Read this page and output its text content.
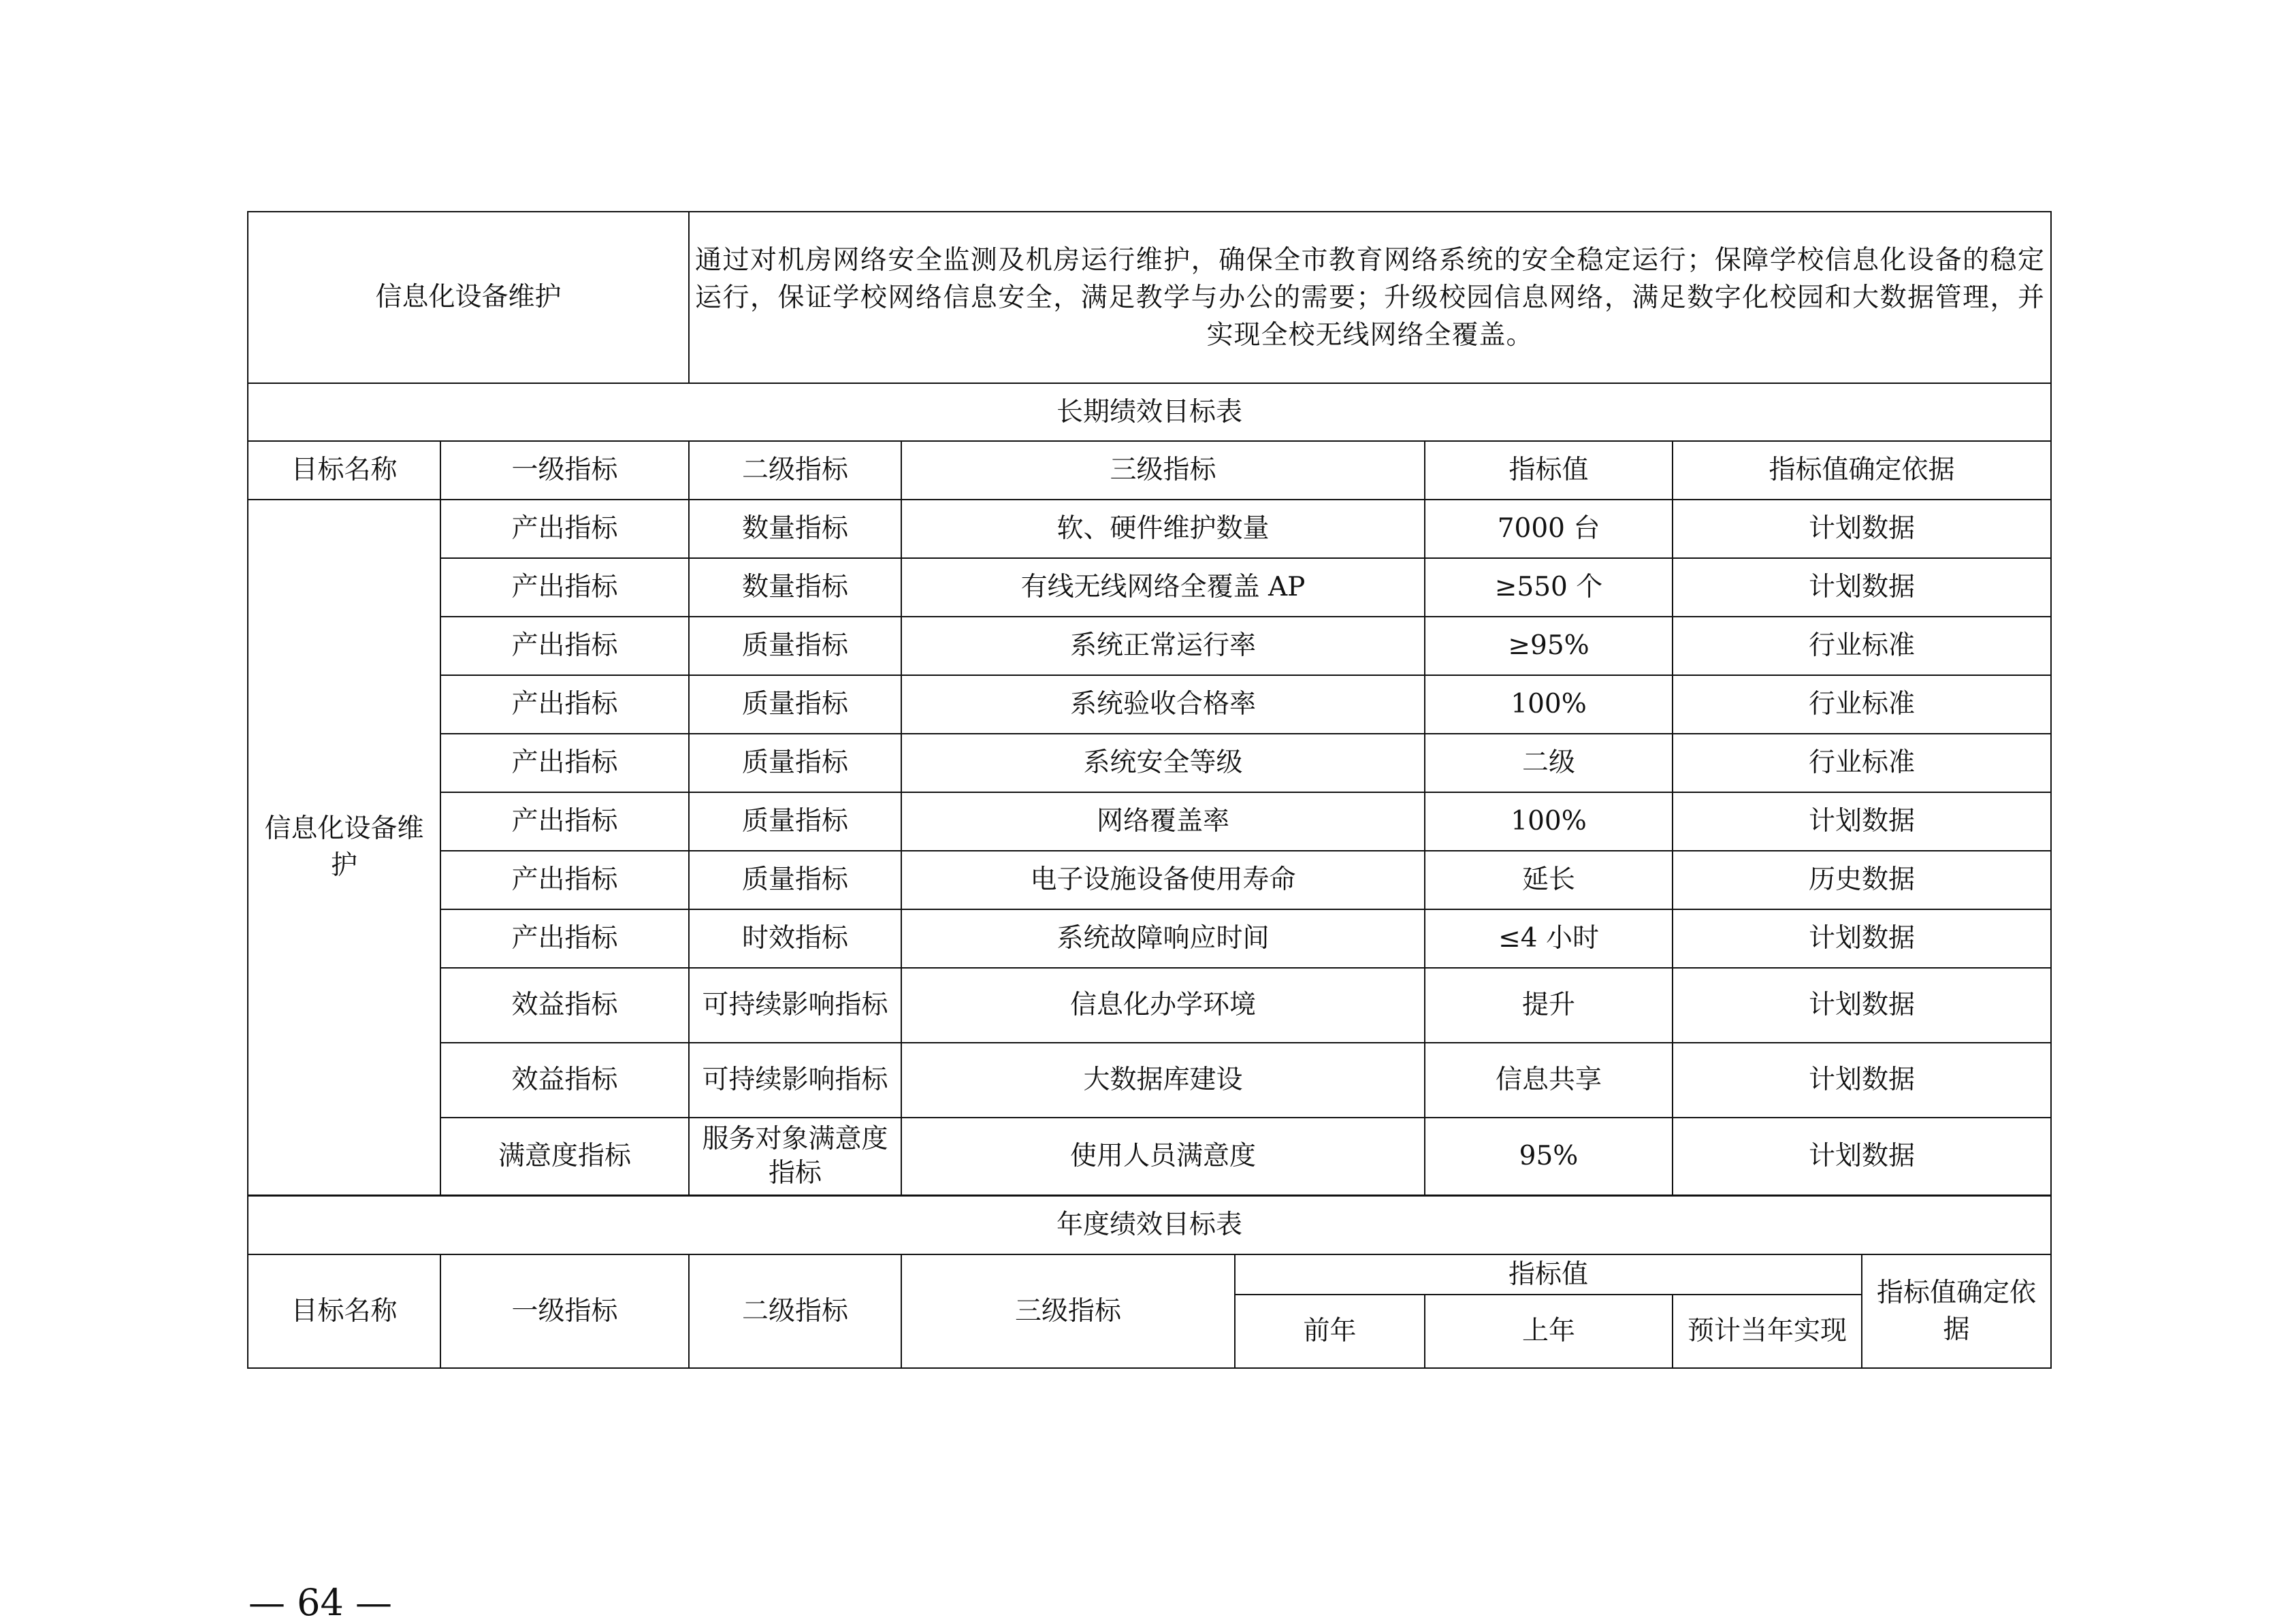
信息化设备维护		通过对机房网络安全监测及机房运行维护，确保全市教育网络系统的安全稳定运行；保障学校信息化设备的稳定运行，保证学校网络信息安全，满足教学与办公的需要；升级校园信息网络，满足数字化校园和大数据管理，并实现全校无线网络全覆盖。			
长期绩效目标表					
目标名称	一级指标	二级指标	三级指标	指标值	指标值确定依据
信息化设备维护	产出指标	数量指标	软、硬件维护数量	7000 台	计划数据
	产出指标	数量指标	有线无线网络全覆盖 AP	≥550 个	计划数据
	产出指标	质量指标	系统正常运行率	≥95%	行业标准
	产出指标	质量指标	系统验收合格率	100%	行业标准
	产出指标	质量指标	系统安全等级	二级	行业标准
	产出指标	质量指标	网络覆盖率	100%	计划数据
	产出指标	质量指标	电子设施设备使用寿命	延长	历史数据
	产出指标	时效指标	系统故障响应时间	≤4 小时	计划数据
	效益指标	可持续影响指标	信息化办学环境	提升	计划数据
	效益指标	可持续影响指标	大数据库建设	信息共享	计划数据
	满意度指标	服务对象满意度指标	使用人员满意度	95%	计划数据
年度绩效目标表							
目标名称	一级指标	二级指标	三级指标	指标值			指标值确定依据
				前年	上年	预计当年实现	
— 64 —
